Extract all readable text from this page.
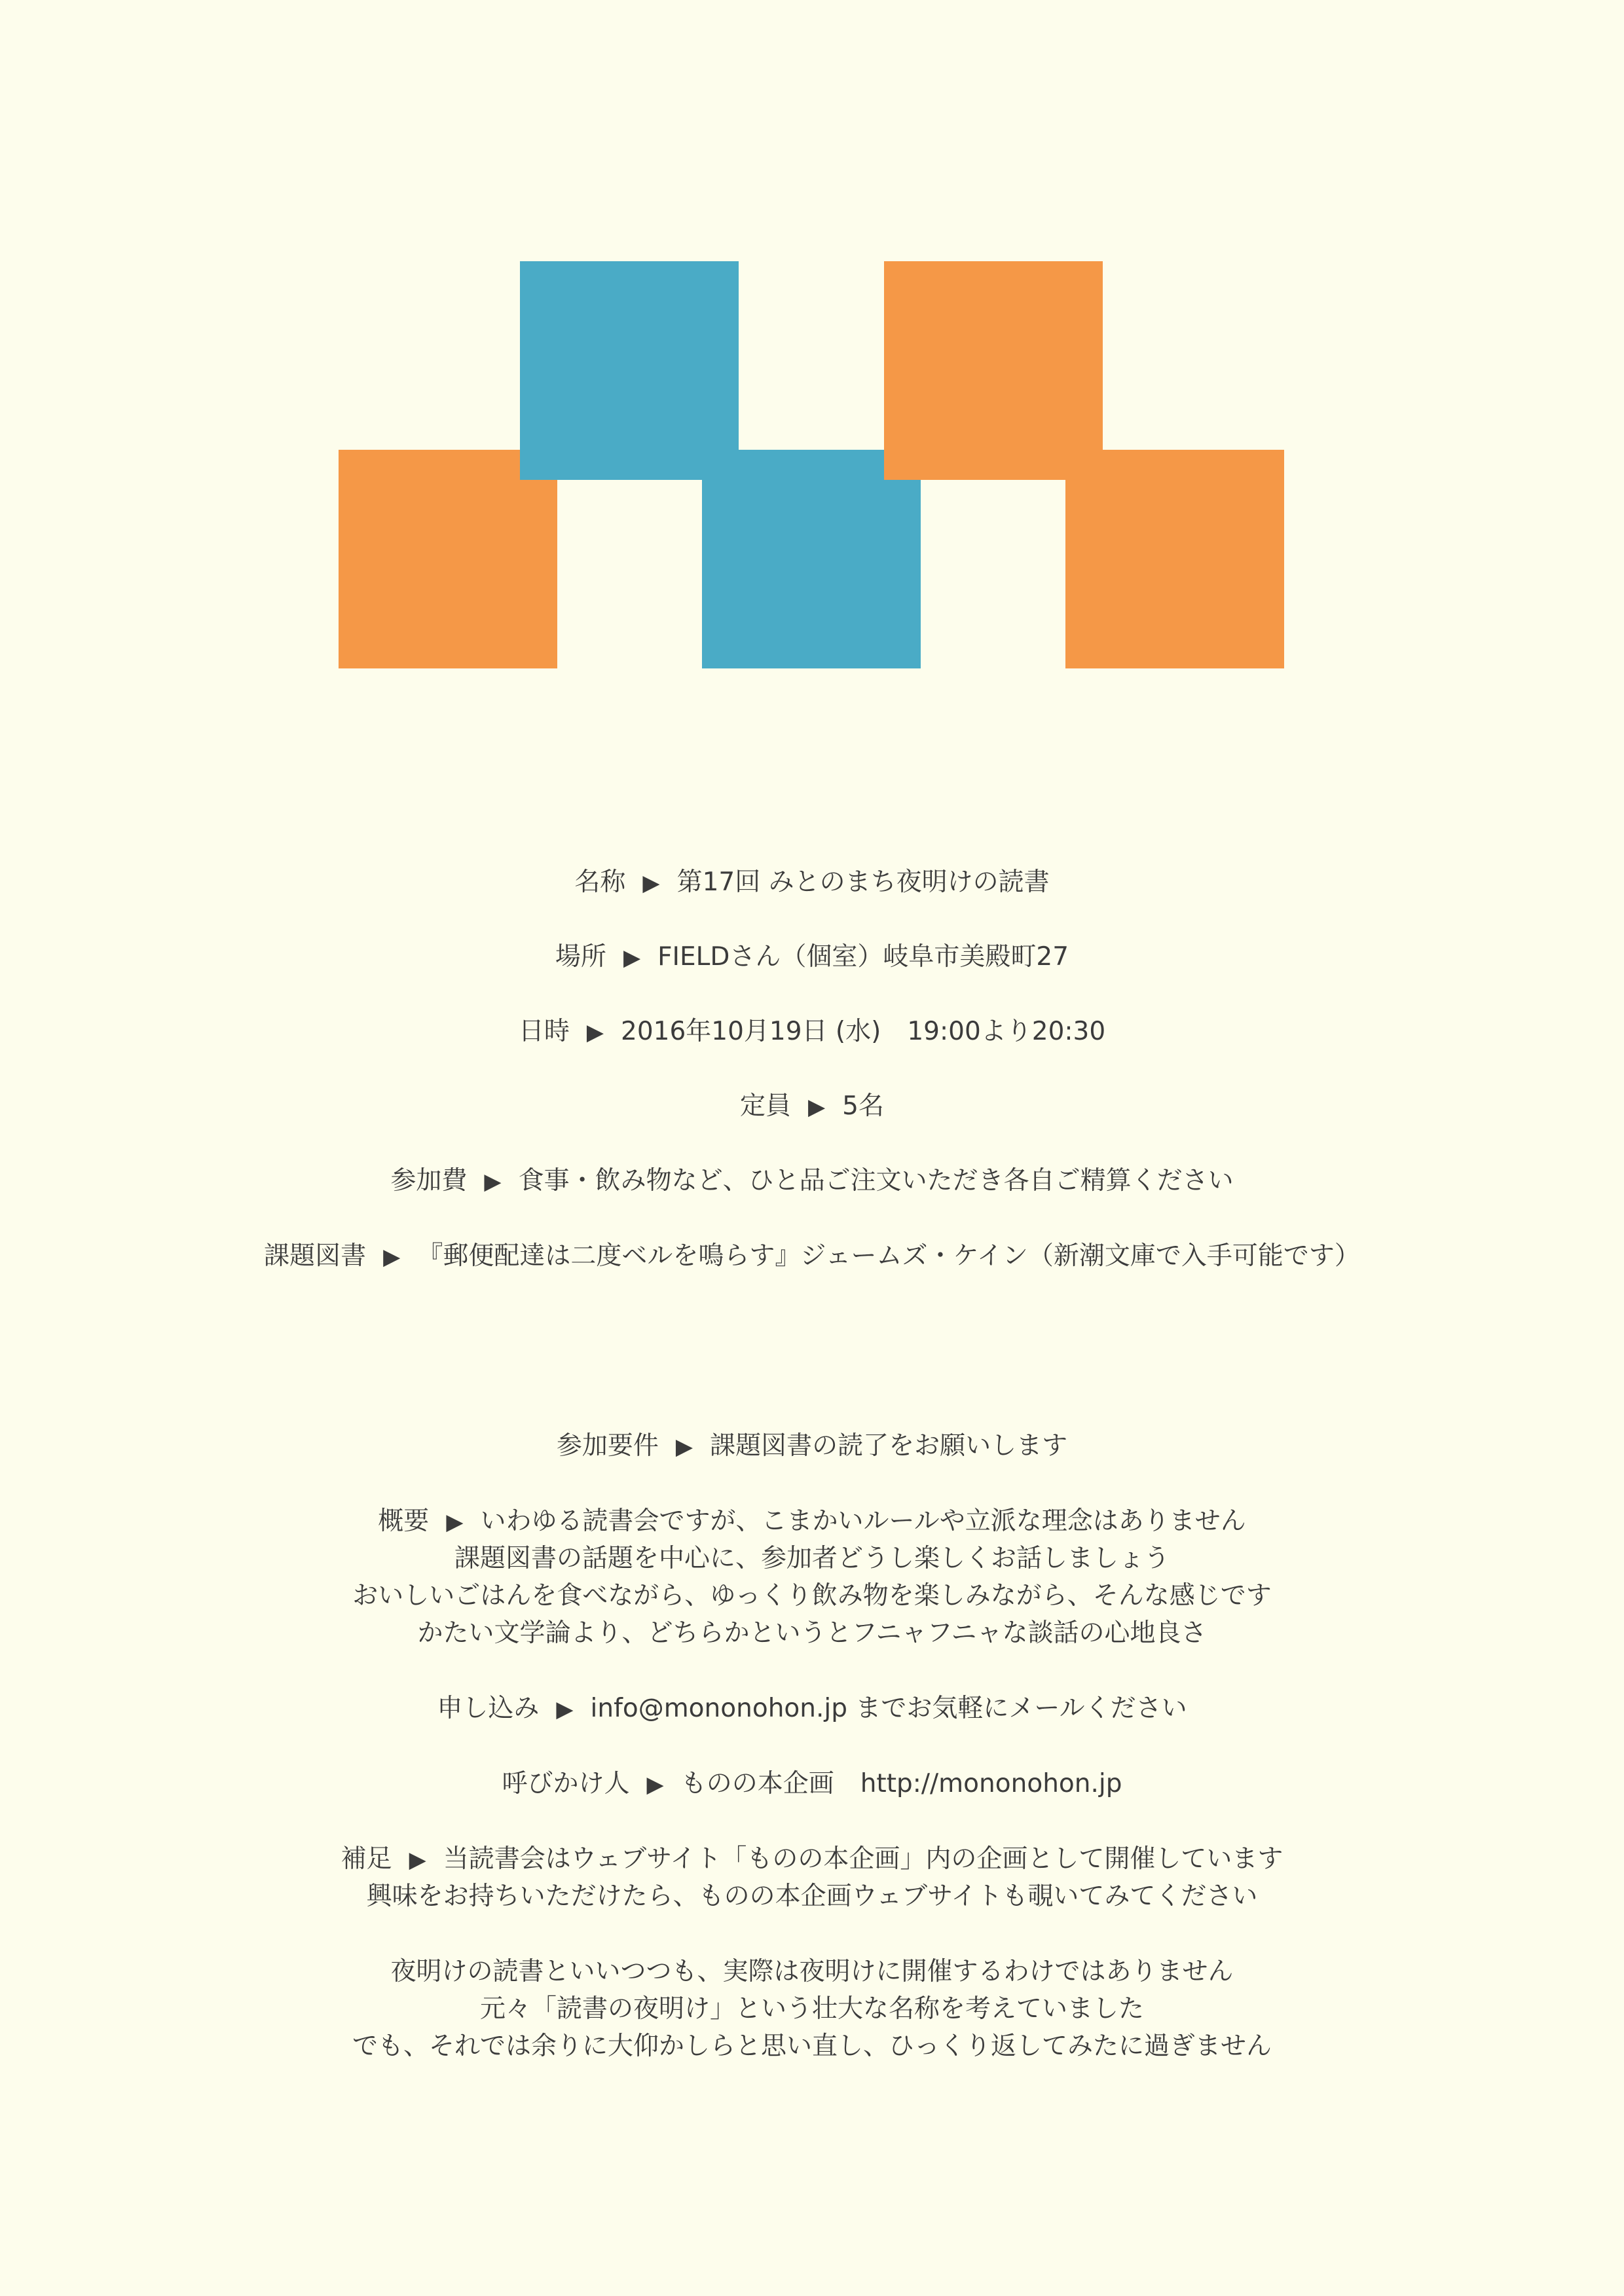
名称 ▶ 第17回 みとのまち夜明けの読書
場所 ▶ FIELDさん（個室）岐阜市美殿町27
日時 ▶ 2016年10月19日 (水) 19:00より20:30
定員 ▶ 5名
参加費 ▶ 食事・飲み物など、ひと品ご注文いただき各自ご精算ください
課題図書 ▶ 『郵便配達は二度ベルを鳴らす』ジェームズ・ケイン（新潮文庫で入手可能です）
参加要件 ▶ 課題図書の読了をお願いします
概要 ▶ いわゆる読書会ですが、こまかいルールや立派な理念はありません
課題図書の話題を中心に、参加者どうし楽しくお話しましょう
おいしいごはんを食べながら、ゆっくり飲み物を楽しみながら、そんな感じです
かたい文学論より、どちらかというとフニャフニャな談話の心地良さ
申し込み ▶ info@mononohon.jp までお気軽にメールください
呼びかけ人 ▶ ものの本企画 http://mononohon.jp
補足 ▶ 当読書会はウェブサイト「ものの本企画」内の企画として開催しています
興味をお持ちいただけたら、ものの本企画ウェブサイトも覗いてみてください
夜明けの読書といいつつも、実際は夜明けに開催するわけではありません
元々「読書の夜明け」という壮大な名称を考えていました
でも、それでは余りに大仰かしらと思い直し、ひっくり返してみたに過ぎません
